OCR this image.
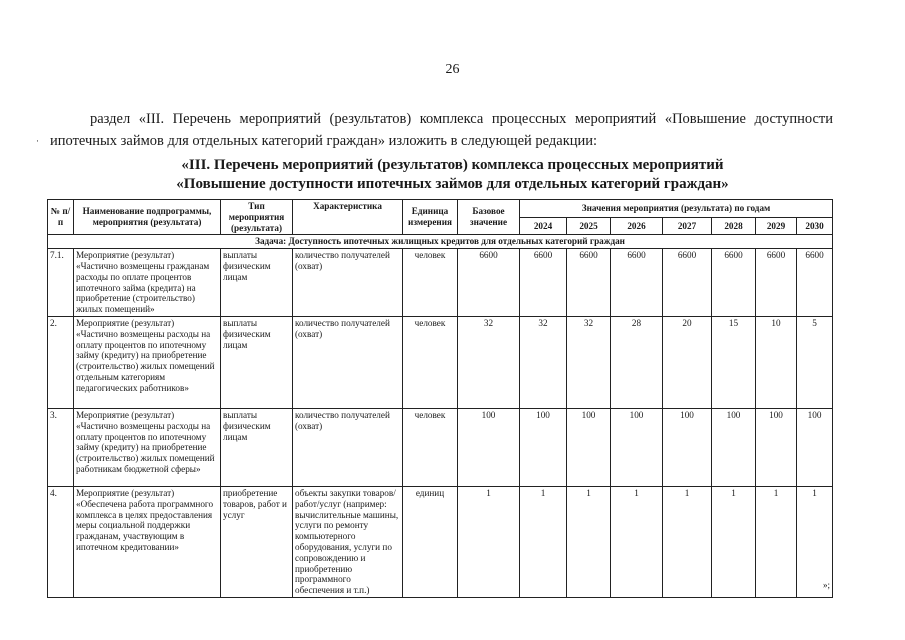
26
раздел «III. Перечень мероприятий (результатов) комплекса процессных мероприятий «Повышение доступности ипотечных займов для отдельных категорий граждан» изложить в следующей редакции:
·
«III. Перечень мероприятий (результатов) комплекса процессных мероприятий
«Повышение доступности ипотечных займов для отдельных категорий граждан»
№ п/п	Наименование подпрограммы, мероприятия (результата)	Тип мероприятия (результата)	Характеристика	Единица измерения	Базовое значение	Значения мероприятия (результата) по годам						
						2024	2025	2026	2027	2028	2029	2030
Задача: Доступность ипотечных жилищных кредитов для отдельных категорий граждан												
7.1.	Мероприятие (результат) «Частично возмещены гражданам расходы по оплате процентов ипотечного займа (кредита) на приобретение (строительство) жилых помещений»	выплаты физическим лицам	количество получателей (охват)	человек	6600	6600	6600	6600	6600	6600	6600	6600
2.	Мероприятие (результат) «Частично возмещены расходы на оплату процентов по ипотечному займу (кредиту) на приобретение (строительство) жилых помещений отдельным категориям педагогических работников»	выплаты физическим лицам	количество получателей (охват)	человек	32	32	32	28	20	15	10	5
3.	Мероприятие (результат) «Частично возмещены расходы на оплату процентов по ипотечному займу (кредиту) на приобретение (строительство) жилых помещений работникам бюджетной сферы»	выплаты физическим лицам	количество получателей (охват)	человек	100	100	100	100	100	100	100	100
4.	Мероприятие (результат) «Обеспечена работа программного комплекса в целях предоставления меры социальной поддержки гражданам, участвующим в ипотечном кредитовании»	приобретение товаров, работ и услуг	объекты закупки товаров/работ/услуг (например: вычислительные машины, услуги по ремонту компьютерного оборудования, услуги по сопровождению и приобретению программного обеспечения и т.п.)	единиц	1	1	1	1	1	1	1	1
»;
